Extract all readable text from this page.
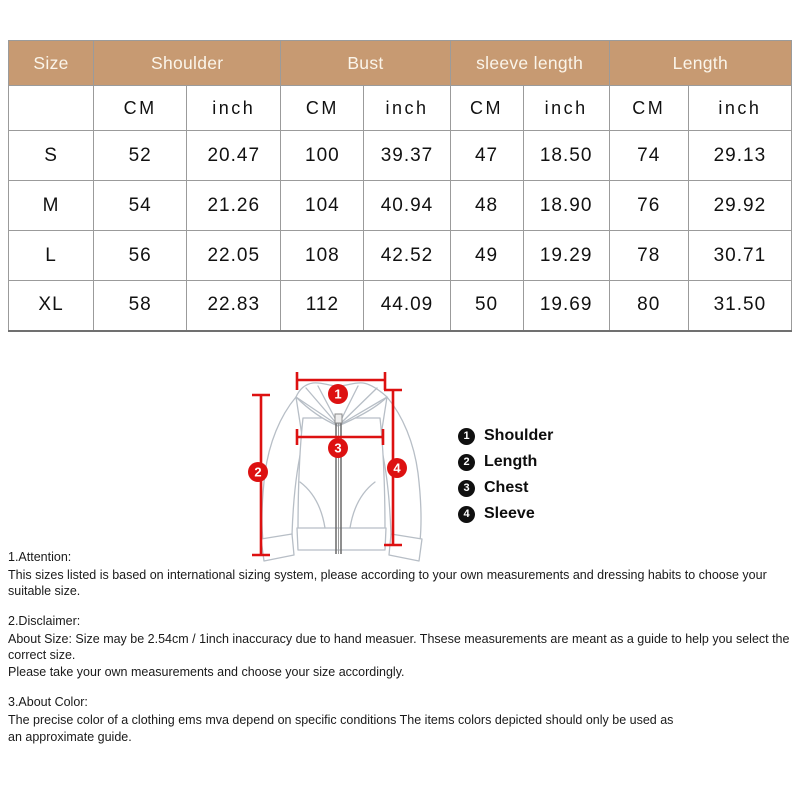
Size	Shoulder		Bust		sleeve length		Length	
	CM	inch	CM	inch	CM	inch	CM	inch
S	52	20.47	100	39.37	47	18.50	74	29.13
M	54	21.26	104	40.94	48	18.90	76	29.92
L	56	22.05	108	42.52	49	19.29	78	30.71
XL	58	22.83	112	44.09	50	19.69	80	31.50
1
2
3
4
1 Shoulder
2 Length
3 Chest
4 Sleeve

1.Attention:

This sizes listed is based on international sizing system, please according to your own measurements and dressing habits to choose your suitable size.

2.Disclaimer:

About Size: Size may be 2.54cm / 1inch inaccuracy due to hand measuer. Thsese measurements are meant as a guide to help you select the correct size.

Please take your own measurements and choose your size accordingly.

3.About Color:

The precise color of a clothing ems mva depend on specific conditions The items colors depicted should only be used as

an approximate guide.
